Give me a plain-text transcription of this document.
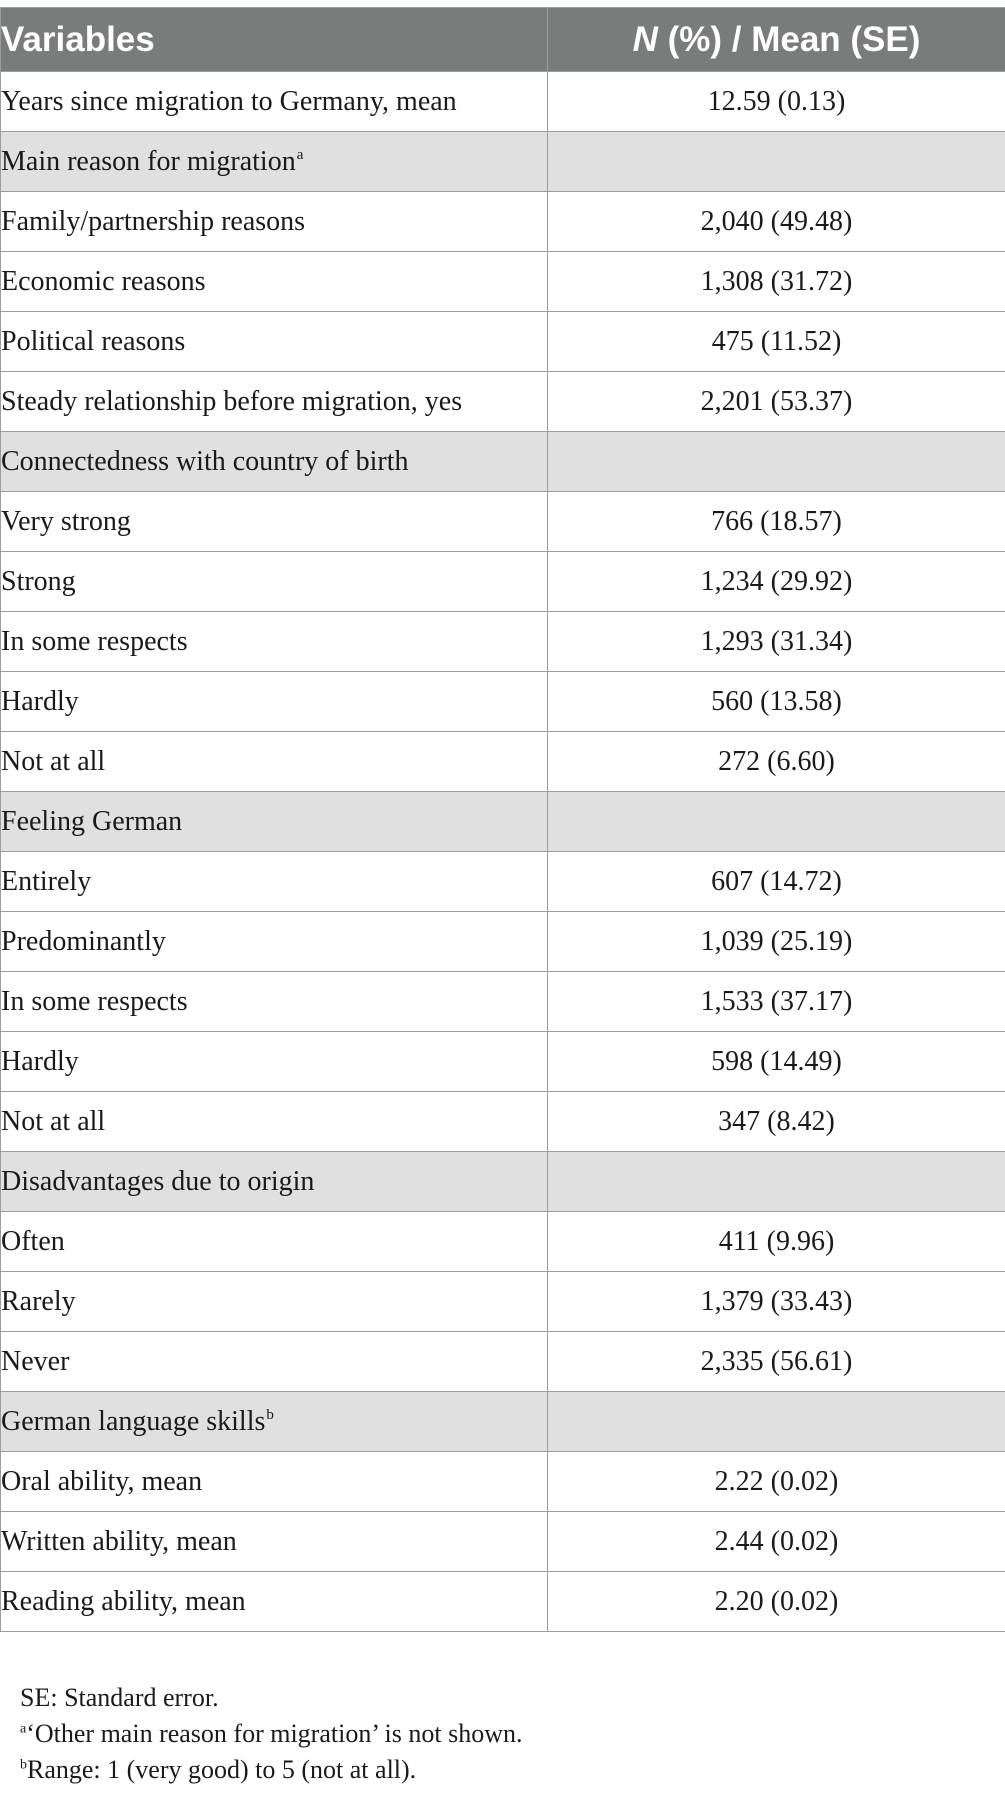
Variables	N (%) / Mean (SE)
Years since migration to Germany, mean	12.59 (0.13)
Main reason for migration$^a$	
Family/partnership reasons	2,040 (49.48)
Economic reasons	1,308 (31.72)
Political reasons	475 (11.52)
Steady relationship before migration, yes	2,201 (53.37)
Connectedness with country of birth	
Very strong	766 (18.57)
Strong	1,234 (29.92)
In some respects	1,293 (31.34)
Hardly	560 (13.58)
Not at all	272 (6.60)
Feeling German	
Entirely	607 (14.72)
Predominantly	1,039 (25.19)
In some respects	1,533 (37.17)
Hardly	598 (14.49)
Not at all	347 (8.42)
Disadvantages due to origin	
Often	411 (9.96)
Rarely	1,379 (33.43)
Never	2,335 (56.61)
German language skills$^b$	
Oral ability, mean	2.22 (0.02)
Written ability, mean	2.44 (0.02)
Reading ability, mean	2.20 (0.02)

SE: Standard error.

$^a$‘Other main reason for migration’ is not shown.

$^b$Range: 1 (very good) to 5 (not at all).
